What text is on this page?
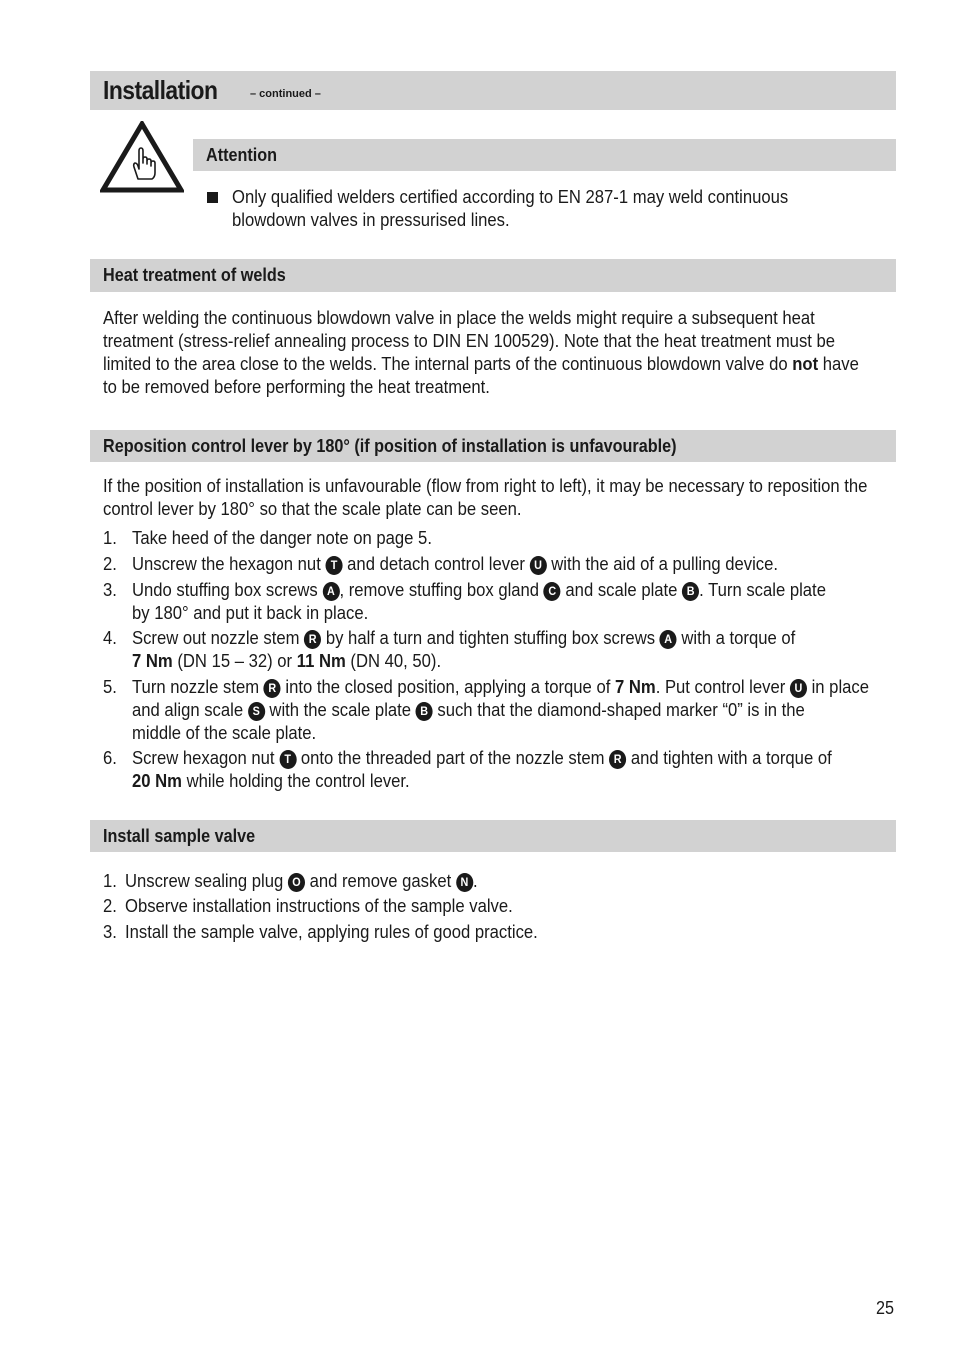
Installation	– continued –
Attention
Only qualified welders certified according to EN 287-1 may weld continuous
blowdown valves in pressurised lines.
Heat treatment of welds
After welding the continuous blowdown valve in place the welds might require a subsequent heat
treatment (stress-relief annealing process to DIN EN 100529). Note that the heat treatment must be
limited to the area close to the welds. The internal parts of the continuous blowdown valve do not have
to be removed before performing the heat treatment.
Reposition control lever by 180° (if position of installation is unfavourable)
If the position of installation is unfavourable (flow from right to left), it may be necessary to reposition the
control lever by 180° so that the scale plate can be seen.
1. Take heed of the danger note on page 5.
2. Unscrew the hexagon nut T and detach control lever U with the aid of a pulling device.
3. Undo stuffing box screws A , remove stuffing box gland C and scale plate B . Turn scale plate
by 180° and put it back in place.
4. Screw out nozzle stem R by half a turn and tighten stuffing box screws A with a torque of
7 Nm (DN 15 – 32) or 11 Nm (DN 40, 50).
5. Turn nozzle stem R into the closed position, applying a torque of 7 Nm. Put control lever U in place
and align scale S with the scale plate B such that the diamond-shaped marker “0” is in the
middle of the scale plate.
6. Screw hexagon nut T onto the threaded part of the nozzle stem R and tighten with a torque of
20 Nm while holding the control lever.
Install sample valve
1. Unscrew sealing plug O and remove gasket N .
2. Observe installation instructions of the sample valve.
3. Install the sample valve, applying rules of good practice.
25
